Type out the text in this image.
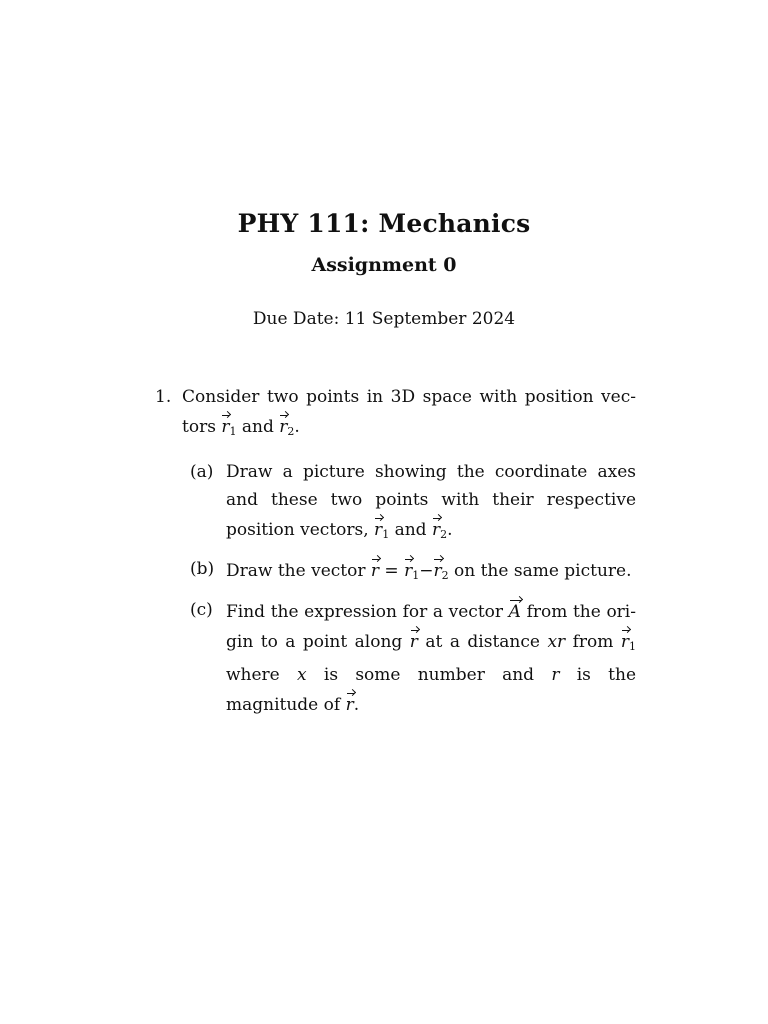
PHY 111: Mechanics
Assignment 0
Due Date: 11 September 2024
1. Consider two points in 3D space with position vec-tors $r_1$ and $r_2$.
(a) Draw a picture showing the coordinate axes and these two points with their respective position vectors, $r_1$ and $r_2$.
(b) Draw the vector $r = r_1-r_2$ on the same picture.
(c) Find the expression for a vector A from the ori-gin to a point along r at a distance xr from $r_1$ where x is some number and r is the magnitude of r.
